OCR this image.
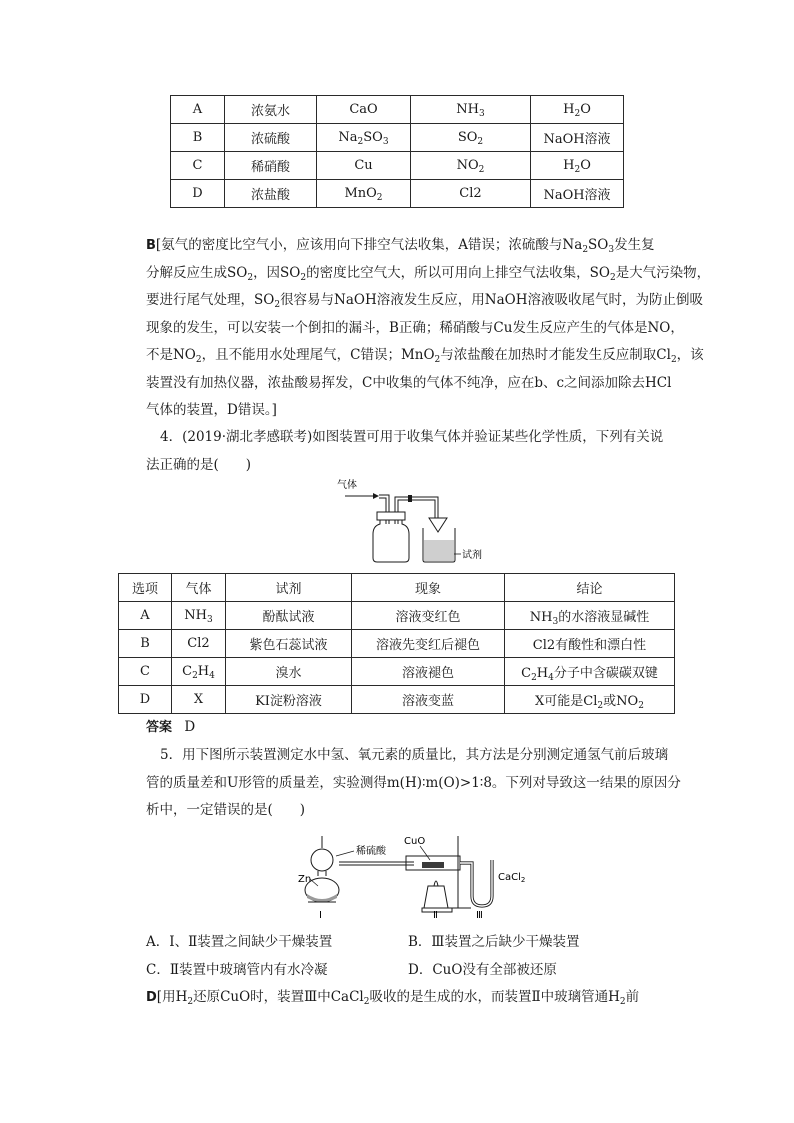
A	浓氨水	CaO	$NH_3$	$H_2O$
B	浓硫酸	$Na_2SO_3$	$SO_2$	NaOH溶液
C	稀硝酸	Cu	$NO_2$	$H_2O$
D	浓盐酸	MnO$_2$	Cl2	NaOH溶液
B[氨气的密度比空气小，应该用向下排空气法收集，A错误；浓硫酸与$Na_2SO_3$发生复
分解反应生成$SO_2$，因$SO_2$的密度比空气大，所以可用向上排空气法收集，$SO_2$是大气污染物，
要进行尾气处理，$SO_2$很容易与NaOH溶液发生反应，用NaOH溶液吸收尾气时，为防止倒吸
现象的发生，可以安装一个倒扣的漏斗，B正确；稀硝酸与Cu发生反应产生的气体是NO，
不是$NO_2$，且不能用水处理尾气，C错误；MnO$_2$与浓盐酸在加热时才能发生反应制取$Cl_2$，该
装置没有加热仪器，浓盐酸易挥发，C中收集的气体不纯净，应在b、c之间添加除去HCl
气体的装置，D错误。]
4．(2019·湖北孝感联考)如图装置可用于收集气体并验证某些化学性质，下列有关说
法正确的是(　　)
气体
试剂
选项	气体	试剂	现象	结论
A	$NH_3$	酚酞试液	溶液变红色	$NH_3$的水溶液显碱性
B	Cl2	紫色石蕊试液	溶液先变红后褪色	Cl2有酸性和漂白性
C	$C_2H_4$	溴水	溶液褪色	$C_2H_4$分子中含碳碳双键
D	X	KI淀粉溶液	溶液变蓝	X可能是$Cl_2$或$NO_2$
答案 D
5．用下图所示装置测定水中氢、氧元素的质量比，其方法是分别测定通氢气前后玻璃
管的质量差和U形管的质量差，实验测得m(H)∶m(O)>1∶8。下列对导致这一结果的原因分
析中，一定错误的是(　　)
稀硫酸
Zn
Ⅰ
CuO
Ⅱ
CaCl$_2$
Ⅲ
A．Ⅰ、Ⅱ装置之间缺少干燥装置	B．Ⅲ装置之后缺少干燥装置
C．Ⅱ装置中玻璃管内有水冷凝	D．CuO没有全部被还原
D[用$H_2$还原CuO时，装置Ⅲ中CaCl$_2$吸收的是生成的水，而装置Ⅱ中玻璃管通$H_2$前
